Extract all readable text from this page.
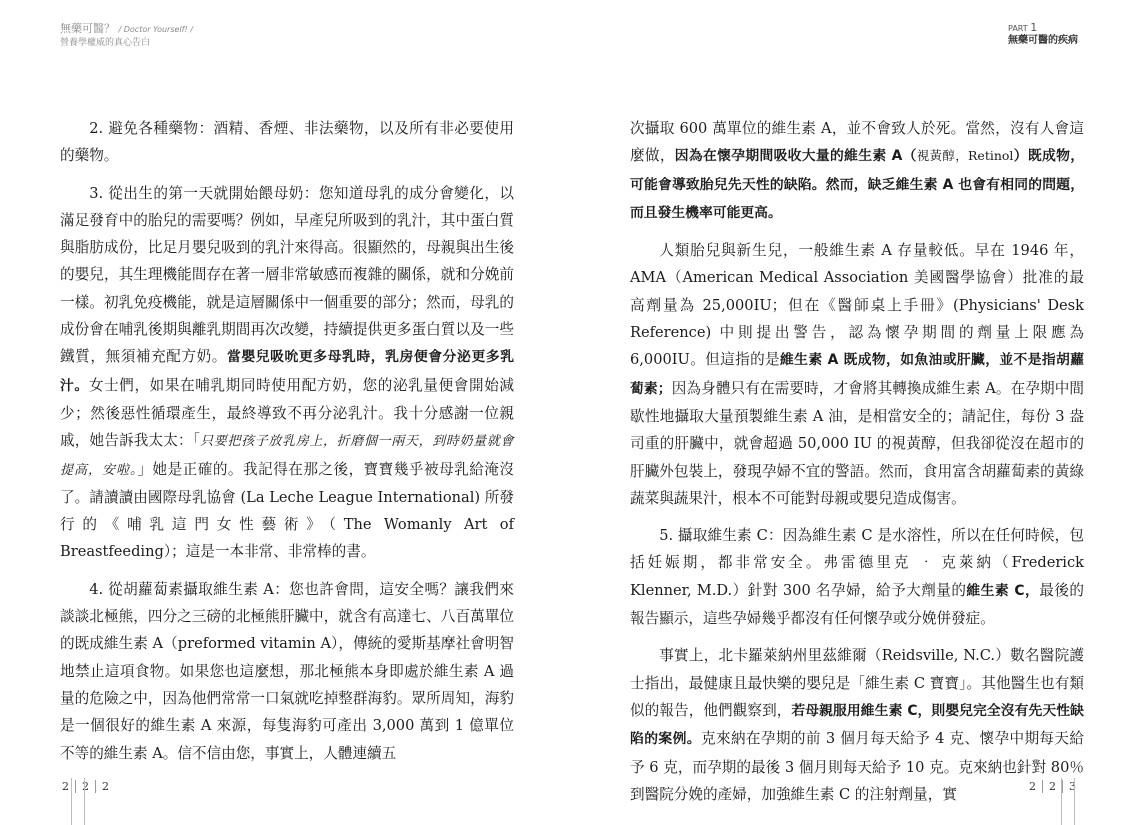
無藥可醫？ / Doctor Yourself! /
營養學權威的真心告白

2. 避免各種藥物：酒精、香煙、非法藥物，以及所有非必要使用的藥物。

3. 從出生的第一天就開始餵母奶：您知道母乳的成分會變化，以滿足發育中的胎兒的需要嗎？例如，早產兒所吸到的乳汁，其中蛋白質與脂肪成份，比足月嬰兒吸到的乳汁來得高。很顯然的，母親與出生後的嬰兒，其生理機能間存在著一層非常敏感而複雜的關係，就和分娩前一樣。初乳免疫機能，就是這層關係中一個重要的部分；然而，母乳的成份會在哺乳後期與離乳期間再次改變，持續提供更多蛋白質以及一些鐵質，無須補充配方奶。當嬰兒吸吮更多母乳時，乳房便會分泌更多乳汁。女士們，如果在哺乳期同時使用配方奶，您的泌乳量便會開始減少；然後惡性循環產生，最終導致不再分泌乳汁。我十分感謝一位親戚，她告訴我太太：「只要把孩子放乳房上，折磨個一兩天，到時奶量就會提高，安啦。」她是正確的。我記得在那之後，寶寶幾乎被母乳給淹沒了。請讀讀由國際母乳協會 (La Leche League International) 所發行的《哺乳這門女性藝術》（The Womanly Art of Breastfeeding）；這是一本非常、非常棒的書。

4. 從胡蘿蔔素攝取維生素 A：您也許會問，這安全嗎？讓我們來談談北極熊，四分之三磅的北極熊肝臟中，就含有高達七、八百萬單位的既成維生素 A（preformed vitamin A），傳統的愛斯基摩社會明智地禁止這項食物。如果您也這麼想，那北極熊本身即處於維生素 A 過量的危險之中，因為他們常常一口氣就吃掉整群海豹。眾所周知，海豹是一個很好的維生素 A 來源，每隻海豹可產出 3,000 萬到 1 億單位不等的維生素 A。信不信由您，事實上，人體連續五

2	2	2
PART 1
無藥可醫的疾病

次攝取 600 萬單位的維生素 A，並不會致人於死。當然，沒有人會這麼做，因為在懷孕期間吸收大量的維生素 A（視黃醇，Retinol）既成物，可能會導致胎兒先天性的缺陷。然而，缺乏維生素 A 也會有相同的問題，而且發生機率可能更高。

人類胎兒與新生兒，一般維生素 A 存量較低。早在 1946 年，AMA（American Medical Association 美國醫學協會）批准的最高劑量為 25,000IU；但在《醫師桌上手冊》(Physicians' Desk Reference) 中則提出警告，認為懷孕期間的劑量上限應為 6,000IU。但這指的是維生素 A 既成物，如魚油或肝臟，並不是指胡蘿蔔素；因為身體只有在需要時，才會將其轉換成維生素 A。在孕期中間歇性地攝取大量預製維生素 A 油，是相當安全的；請記住，每份 3 盎司重的肝臟中，就會超過 50,000 IU 的視黃醇，但我卻從沒在超市的肝臟外包裝上，發現孕婦不宜的警語。然而，食用富含胡蘿蔔素的黃綠蔬菜與蔬果汁，根本不可能對母親或嬰兒造成傷害。

5. 攝取維生素 C：因為維生素 C 是水溶性，所以在任何時候，包括妊娠期，都非常安全。弗雷德里克 ‧ 克萊納（Frederick Klenner, M.D.）針對 300 名孕婦，給予大劑量的維生素 C，最後的報告顯示，這些孕婦幾乎都沒有任何懷孕或分娩併發症。

事實上，北卡羅萊納州里茲維爾（Reidsville, N.C.）數名醫院護士指出，最健康且最快樂的嬰兒是「維生素 C 寶寶」。其他醫生也有類似的報告，他們觀察到，若母親服用維生素 C，則嬰兒完全沒有先天性缺陷的案例。克來納在孕期的前 3 個月每天給予 4 克、懷孕中期每天給予 6 克，而孕期的最後 3 個月則每天給予 10 克。克來納也針對 80％到醫院分娩的產婦，加強維生素 C 的注射劑量，實	2	2	3
